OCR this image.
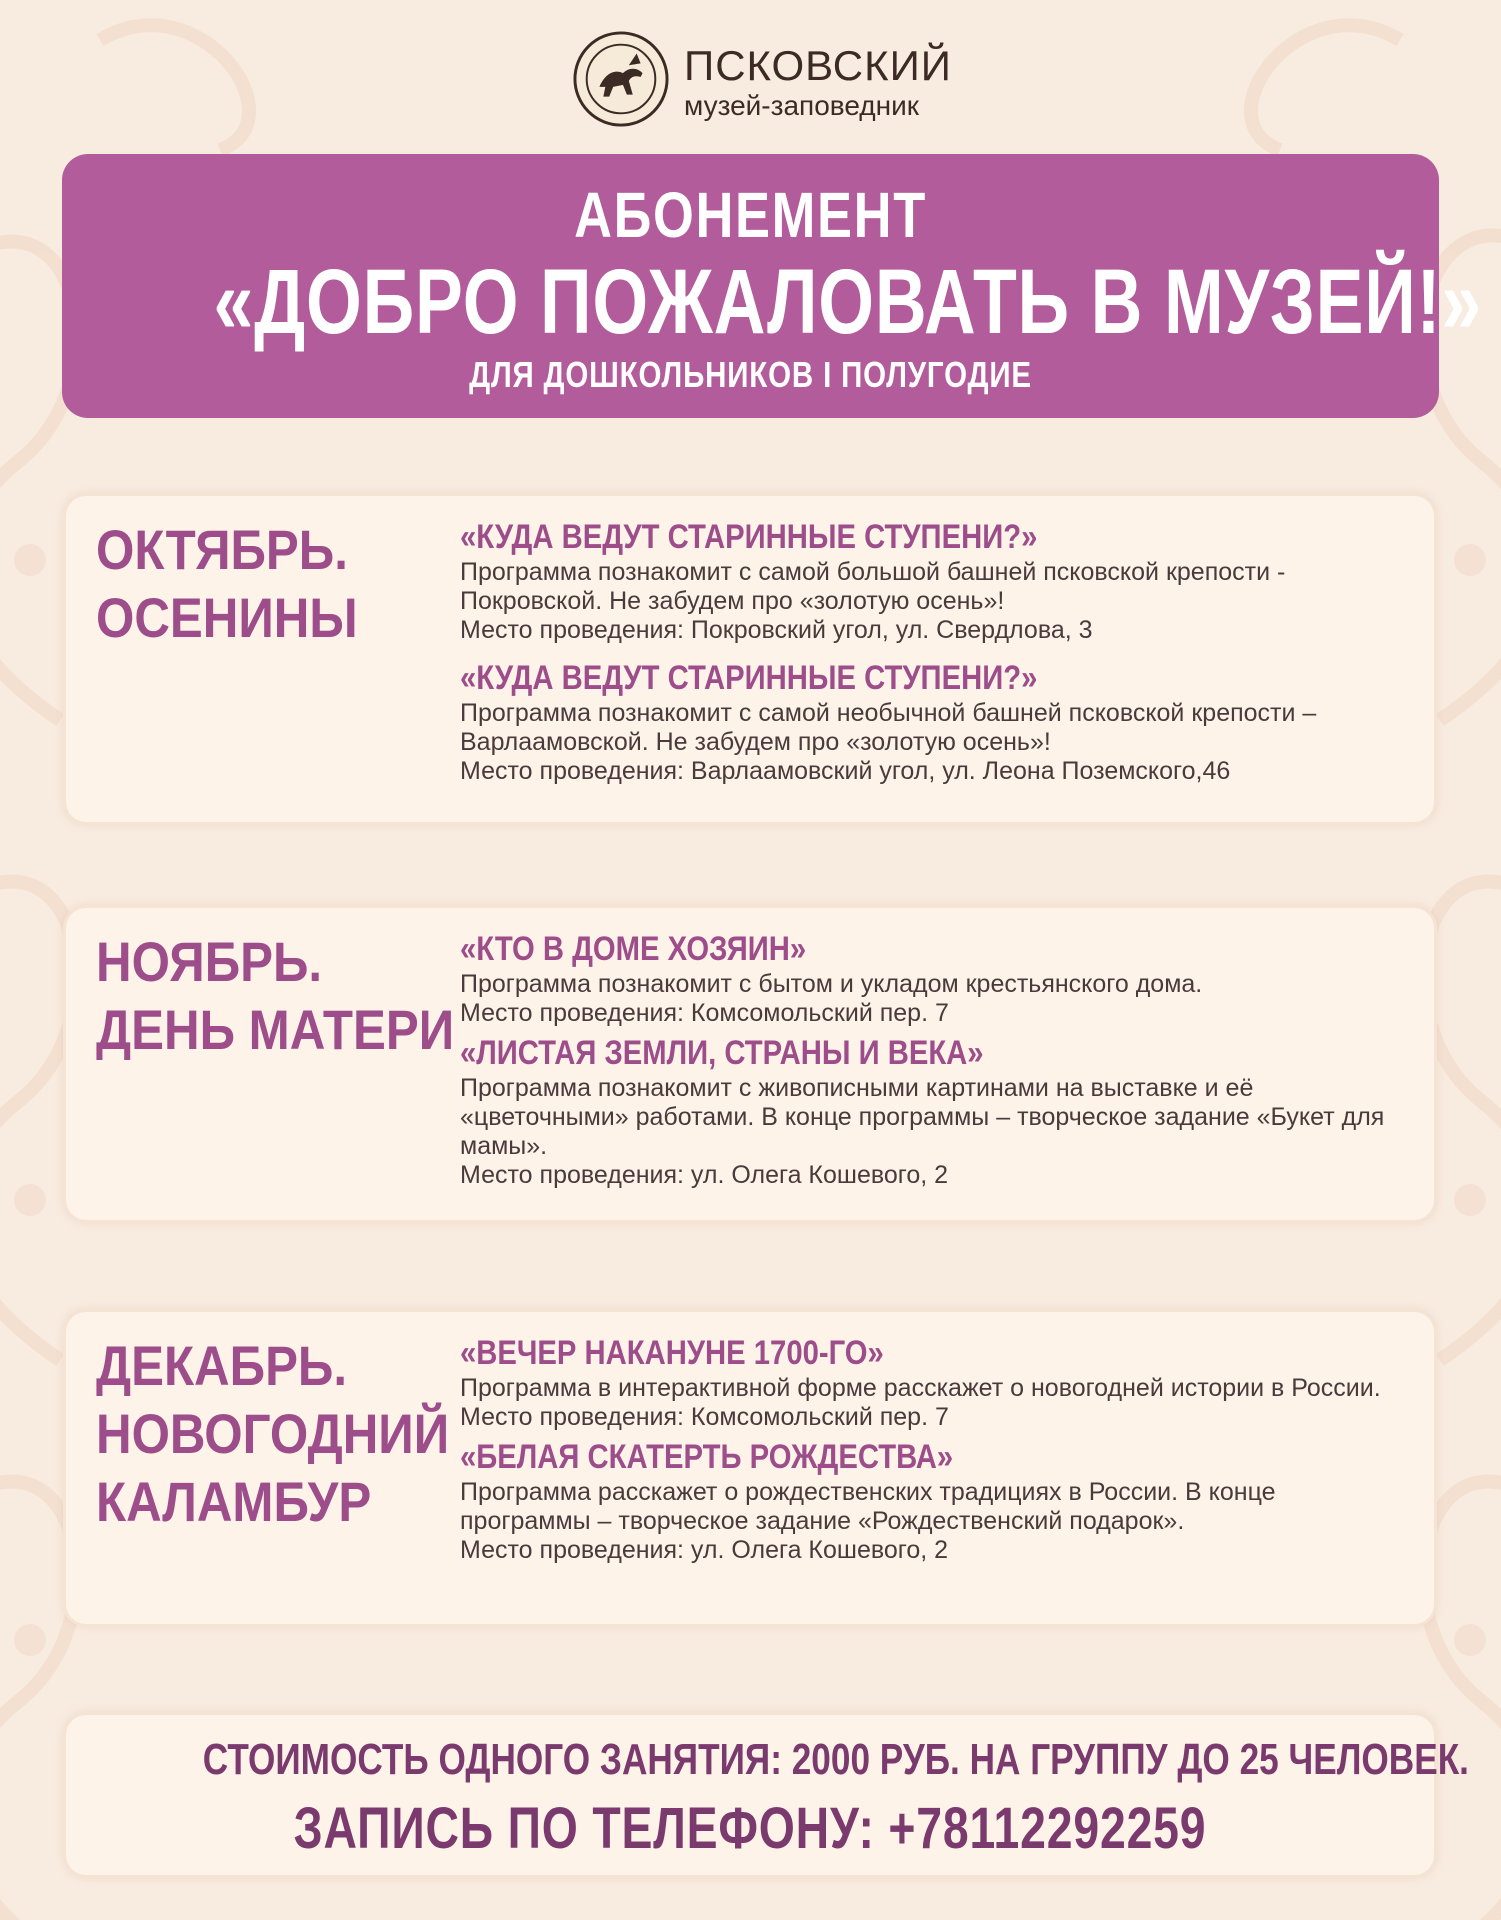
ПСКОВСКИЙ
музей-заповедник
АБОНЕМЕНТ
«ДОБРО ПОЖАЛОВАТЬ В МУЗЕЙ!»
ДЛЯ ДОШКОЛЬНИКОВ I ПОЛУГОДИЕ
ОКТЯБРЬ.
ОСЕНИНЫ
«КУДА ВЕДУТ СТАРИННЫЕ СТУПЕНИ?»
Программа познакомит с самой большой башней псковской крепости - Покровской. Не забудем про «золотую осень»!
Место проведения: Покровский угол, ул. Свердлова, 3
«КУДА ВЕДУТ СТАРИННЫЕ СТУПЕНИ?»
Программа познакомит с самой необычной башней псковской крепости – Варлаамовской. Не забудем про «золотую осень»!
Место проведения: Варлаамовский угол, ул. Леона Поземского,46
НОЯБРЬ.
ДЕНЬ МАТЕРИ
«КТО В ДОМЕ ХОЗЯИН»
Программа познакомит с бытом и укладом крестьянского дома.
Место проведения: Комсомольский пер. 7
«ЛИСТАЯ ЗЕМЛИ, СТРАНЫ И ВЕКА»
Программа познакомит с живописными картинами на выставке и её «цветочными» работами. В конце программы – творческое задание «Букет для мамы».
Место проведения: ул. Олега Кошевого, 2
ДЕКАБРЬ.
НОВОГОДНИЙ
КАЛАМБУР
«ВЕЧЕР НАКАНУНЕ 1700-ГО»
Программа в интерактивной форме расскажет о новогодней истории в России.
Место проведения: Комсомольский пер. 7
«БЕЛАЯ СКАТЕРТЬ РОЖДЕСТВА»
Программа расскажет о рождественских традициях в России. В конце программы – творческое задание «Рождественский подарок».
Место проведения: ул. Олега Кошевого, 2
СТОИМОСТЬ ОДНОГО ЗАНЯТИЯ: 2000 РУБ. НА ГРУППУ ДО 25 ЧЕЛОВЕК.
ЗАПИСЬ ПО ТЕЛЕФОНУ: +78112292259
